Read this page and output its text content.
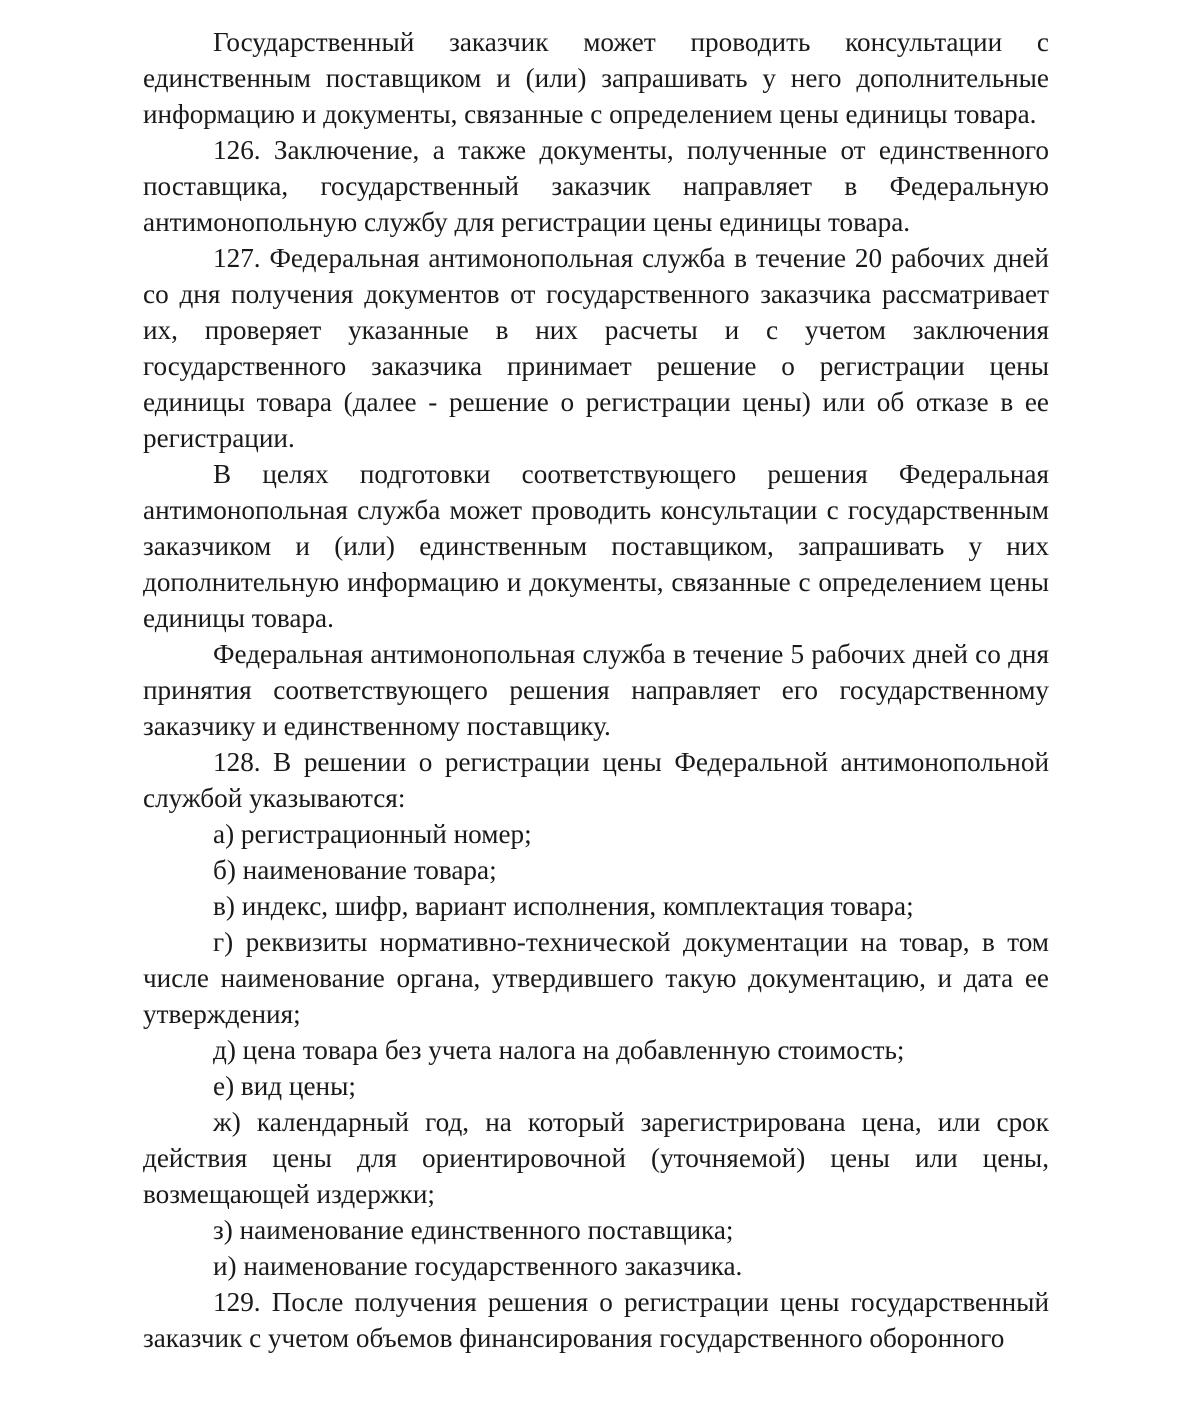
Государственный заказчик может проводить консультации с единственным поставщиком и (или) запрашивать у него дополнительные информацию и документы, связанные с определением цены единицы товара.

126. Заключение, а также документы, полученные от единственного поставщика, государственный заказчик направляет в Федеральную антимонопольную службу для регистрации цены единицы товара.

127. Федеральная антимонопольная служба в течение 20 рабочих дней со дня получения документов от государственного заказчика рассматривает их, проверяет указанные в них расчеты и с учетом заключения государственного заказчика принимает решение о регистрации цены единицы товара (далее - решение о регистрации цены) или об отказе в ее регистрации.

В целях подготовки соответствующего решения Федеральная антимонопольная служба может проводить консультации с государственным заказчиком и (или) единственным поставщиком, запрашивать у них дополнительную информацию и документы, связанные с определением цены единицы товара.

Федеральная антимонопольная служба в течение 5 рабочих дней со дня принятия соответствующего решения направляет его государственному заказчику и единственному поставщику.

128. В решении о регистрации цены Федеральной антимонопольной службой указываются:

а) регистрационный номер;

б) наименование товара;

в) индекс, шифр, вариант исполнения, комплектация товара;

г) реквизиты нормативно-технической документации на товар, в том числе наименование органа, утвердившего такую документацию, и дата ее утверждения;

д) цена товара без учета налога на добавленную стоимость;

е) вид цены;

ж) календарный год, на который зарегистрирована цена, или срок действия цены для ориентировочной (уточняемой) цены или цены, возмещающей издержки;

з) наименование единственного поставщика;

и) наименование государственного заказчика.

129. После получения решения о регистрации цены государственный заказчик с учетом объемов финансирования государственного оборонного
